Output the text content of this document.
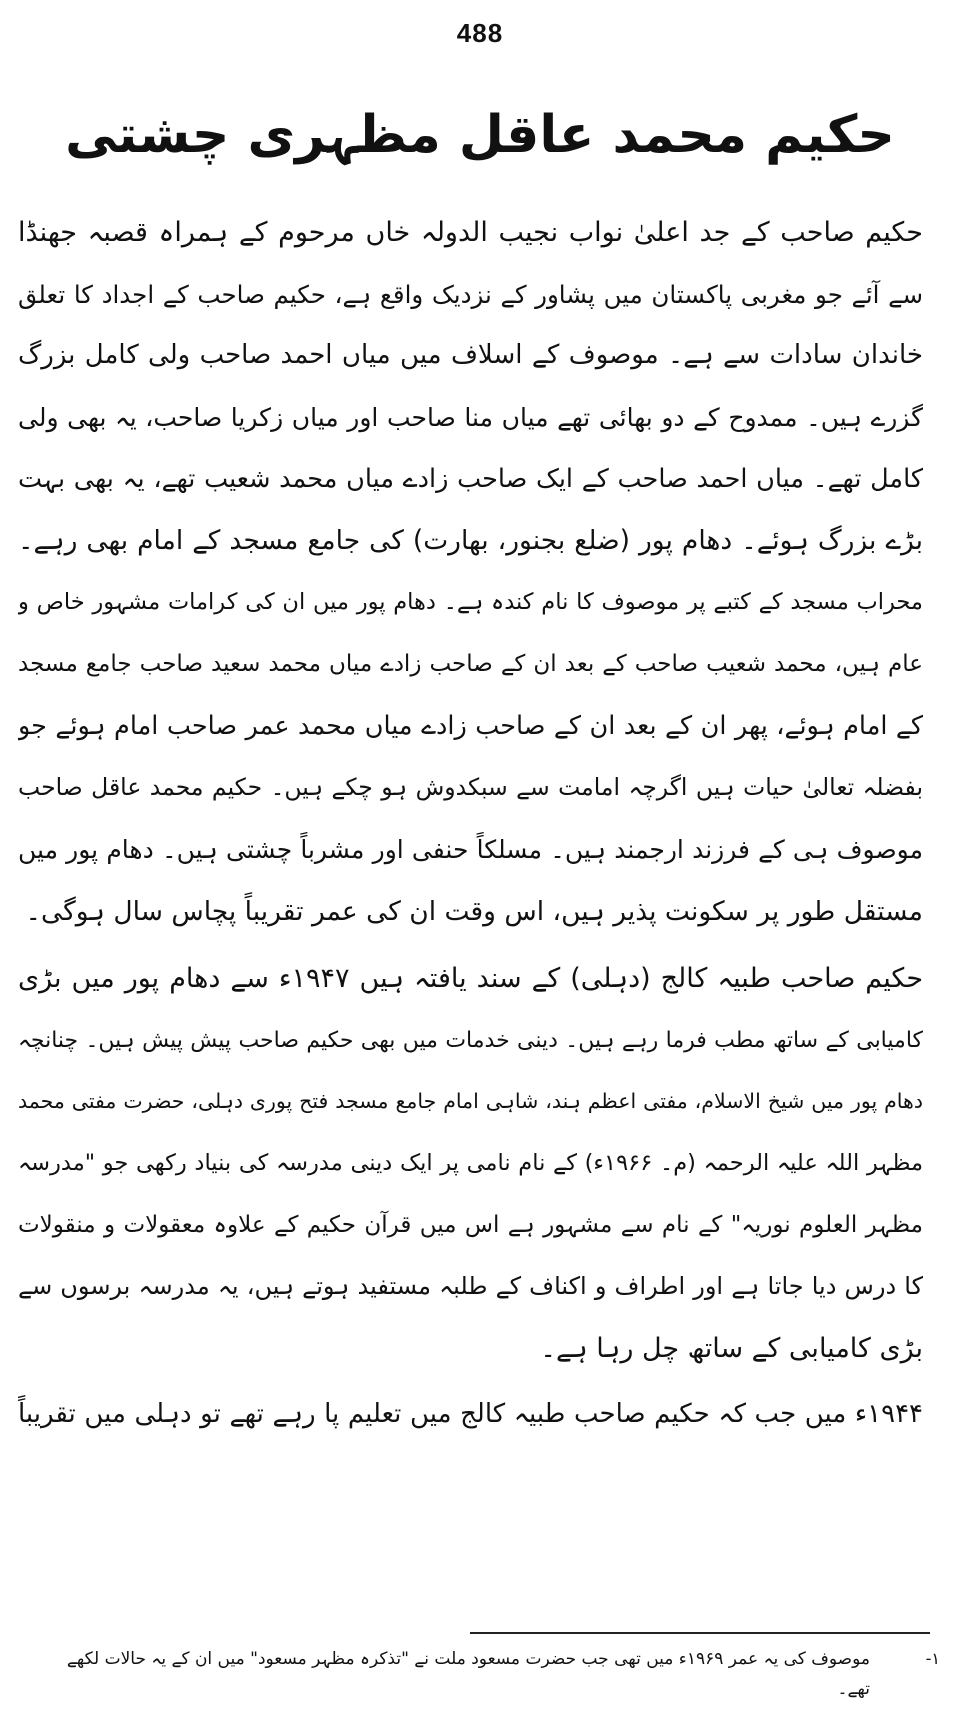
488
حکیم محمد عاقل مظہری چشتی
حکیم صاحب کے جد اعلیٰ نواب نجیب الدولہ خاں مرحوم کے ہمراہ قصبہ جھنڈا
سے آئے جو مغربی پاکستان میں پشاور کے نزدیک واقع ہے، حکیم صاحب کے اجداد کا تعلق
خاندان سادات سے ہے۔ موصوف کے اسلاف میں میاں احمد صاحب ولی کامل بزرگ
گزرے ہیں۔ ممدوح کے دو بھائی تھے میاں منا صاحب اور میاں زکریا صاحب، یہ بھی ولی
کامل تھے۔ میاں احمد صاحب کے ایک صاحب زادے میاں محمد شعیب تھے، یہ بھی بہت
بڑے بزرگ ہوئے۔ دھام پور (ضلع بجنور، بھارت) کی جامع مسجد کے امام بھی رہے۔
محراب مسجد کے کتبے پر موصوف کا نام کندہ ہے۔ دھام پور میں ان کی کرامات مشہور خاص و
عام ہیں، محمد شعیب صاحب کے بعد ان کے صاحب زادے میاں محمد سعید صاحب جامع مسجد
کے امام ہوئے، پھر ان کے بعد ان کے صاحب زادے میاں محمد عمر صاحب امام ہوئے جو
بفضلہ تعالیٰ حیات ہیں اگرچہ امامت سے سبکدوش ہو چکے ہیں۔ حکیم محمد عاقل صاحب
موصوف ہی کے فرزند ارجمند ہیں۔ مسلکاً حنفی اور مشرباً چشتی ہیں۔ دھام پور میں
مستقل طور پر سکونت پذیر ہیں، اس وقت ان کی عمر تقریباً پچاس سال ہوگی۔
حکیم صاحب طبیہ کالج (دہلی) کے سند یافتہ ہیں ۱۹۴۷ء سے دھام پور میں بڑی
کامیابی کے ساتھ مطب فرما رہے ہیں۔ دینی خدمات میں بھی حکیم صاحب پیش پیش ہیں۔ چنانچہ
دھام پور میں شیخ الاسلام، مفتی اعظم ہند، شاہی امام جامع مسجد فتح پوری دہلی، حضرت مفتی محمد
مظہر اللہ علیہ الرحمہ (م۔ ۱۹۶۶ء) کے نام نامی پر ایک دینی مدرسہ کی بنیاد رکھی جو "مدرسہ
مظہر العلوم نوریہ" کے نام سے مشہور ہے اس میں قرآن حکیم کے علاوہ معقولات و منقولات
کا درس دیا جاتا ہے اور اطراف و اکناف کے طلبہ مستفید ہوتے ہیں، یہ مدرسہ برسوں سے
بڑی کامیابی کے ساتھ چل رہا ہے۔
۱۹۴۴ء میں جب کہ حکیم صاحب طبیہ کالج میں تعلیم پا رہے تھے تو دہلی میں تقریباً
۱-
موصوف کی یہ عمر ۱۹۶۹ء میں تھی جب حضرت مسعود ملت نے "تذکرہ مظہر مسعود" میں ان کے یہ حالات لکھے
تھے۔
